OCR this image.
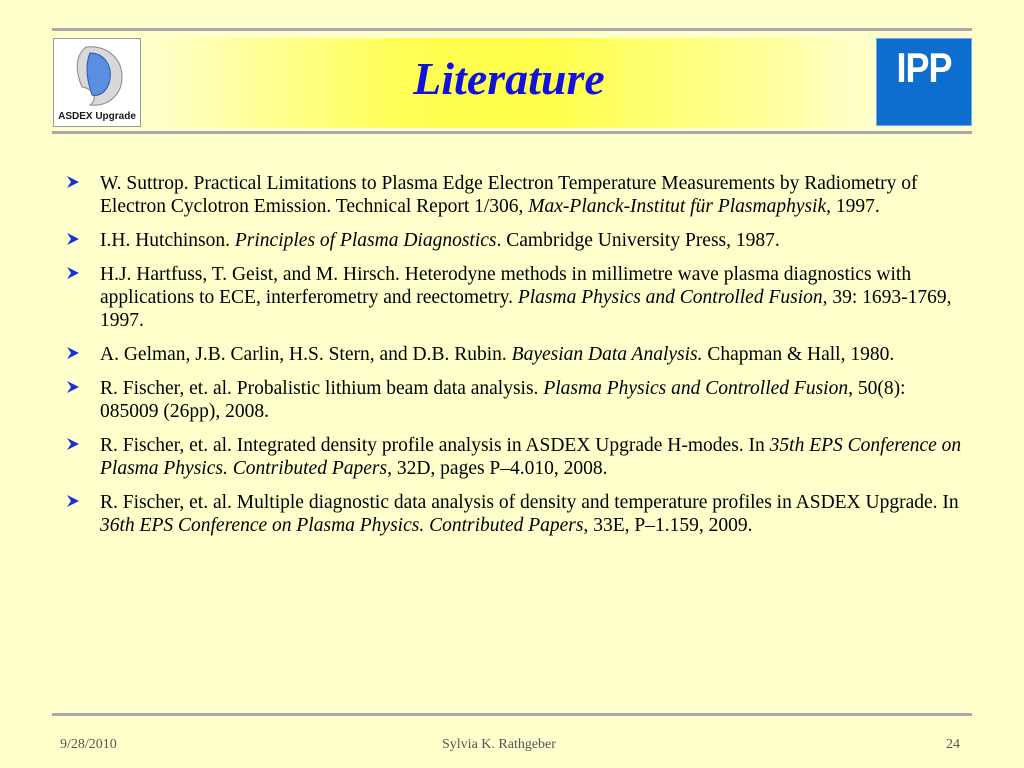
ASDEX Upgrade
Literature	IPP
W. Suttrop. Practical Limitations to Plasma Edge Electron Temperature Measurements by Radiometry of Electron Cyclotron Emission. Technical Report 1/306, Max-Planck-Institut für Plasmaphysik, 1997.
I.H. Hutchinson. Principles of Plasma Diagnostics. Cambridge University Press, 1987.
H.J. Hartfuss, T. Geist, and M. Hirsch. Heterodyne methods in millimetre wave plasma diagnostics with applications to ECE, interferometry and reectometry. Plasma Physics and Controlled Fusion, 39: 1693-1769, 1997.
A. Gelman, J.B. Carlin, H.S. Stern, and D.B. Rubin. Bayesian Data Analysis. Chapman & Hall, 1980.
R. Fischer, et. al. Probalistic lithium beam data analysis. Plasma Physics and Controlled Fusion, 50(8): 085009 (26pp), 2008.
R. Fischer, et. al. Integrated density profile analysis in ASDEX Upgrade H-modes. In 35th EPS Conference on Plasma Physics. Contributed Papers, 32D, pages P–4.010, 2008.
R. Fischer, et. al. Multiple diagnostic data analysis of density and temperature profiles in ASDEX Upgrade. In 36th EPS Conference on Plasma Physics. Contributed Papers, 33E, P–1.159, 2009.
9/28/2010	Sylvia K. Rathgeber	24
